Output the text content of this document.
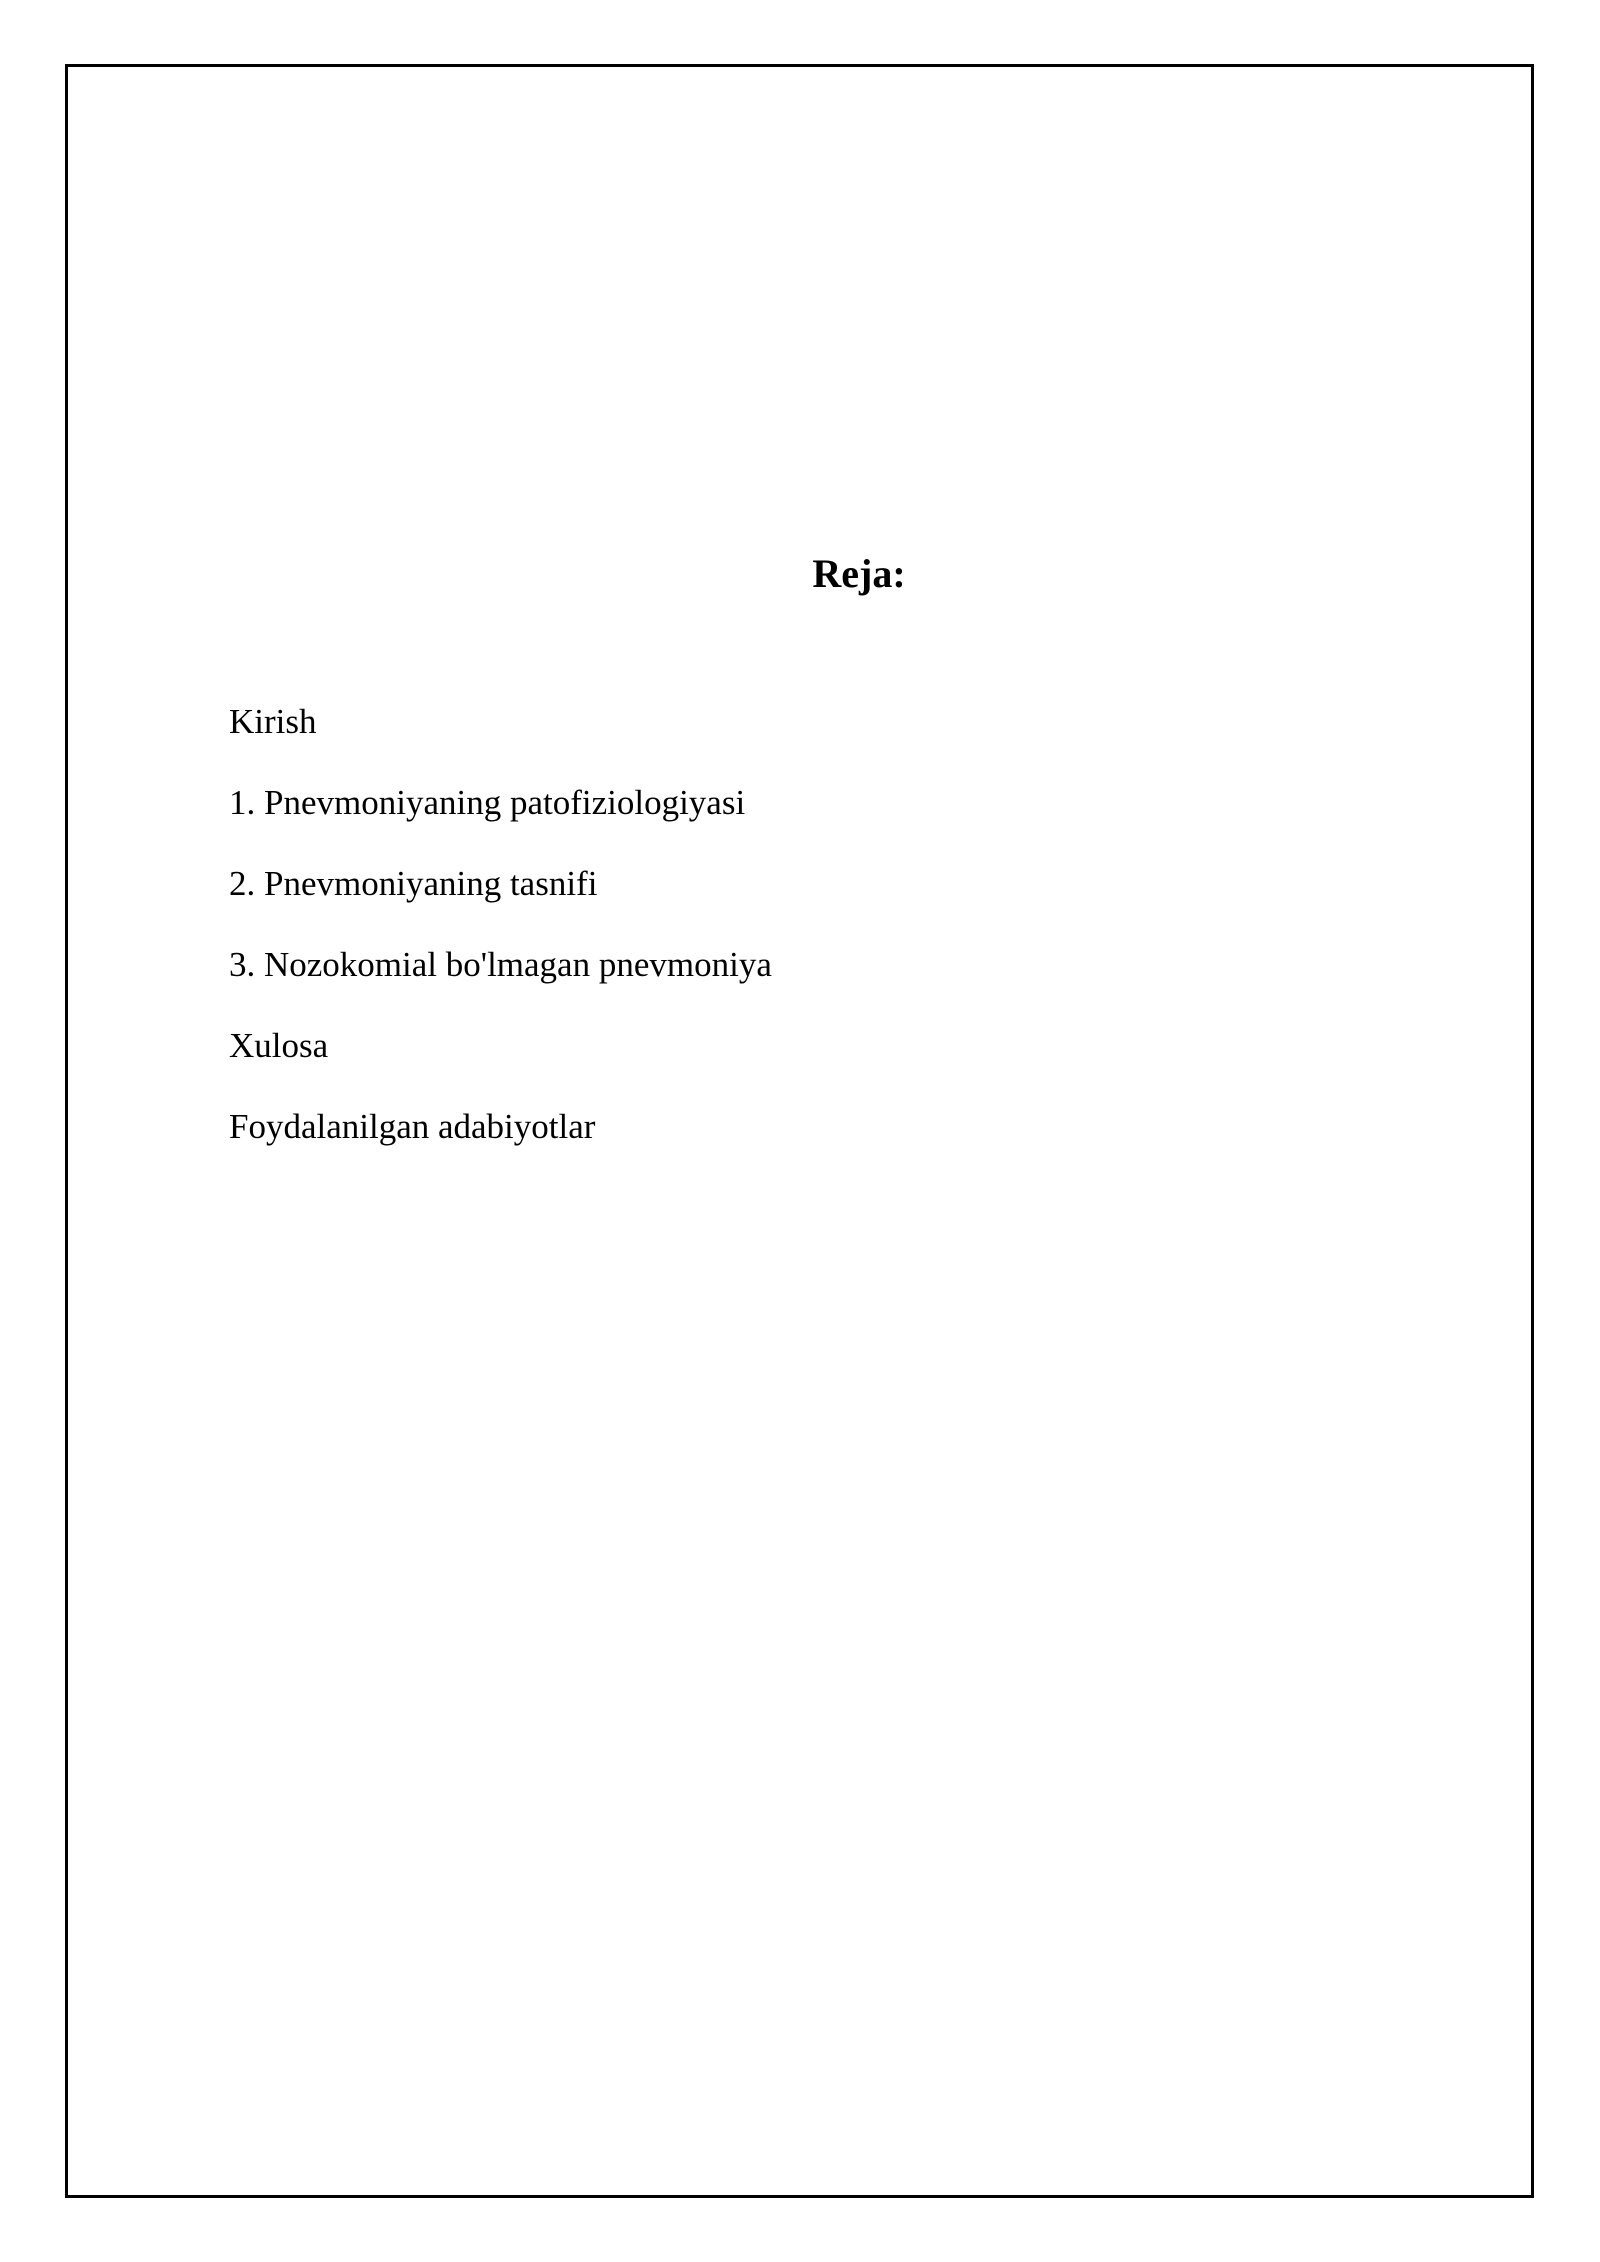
Reja:
Kirish
1. Pnevmoniyaning patofiziologiyasi
2. Pnevmoniyaning tasnifi
3. Nozokomial bo'lmagan pnevmoniya
Xulosa
Foydalanilgan adabiyotlar
